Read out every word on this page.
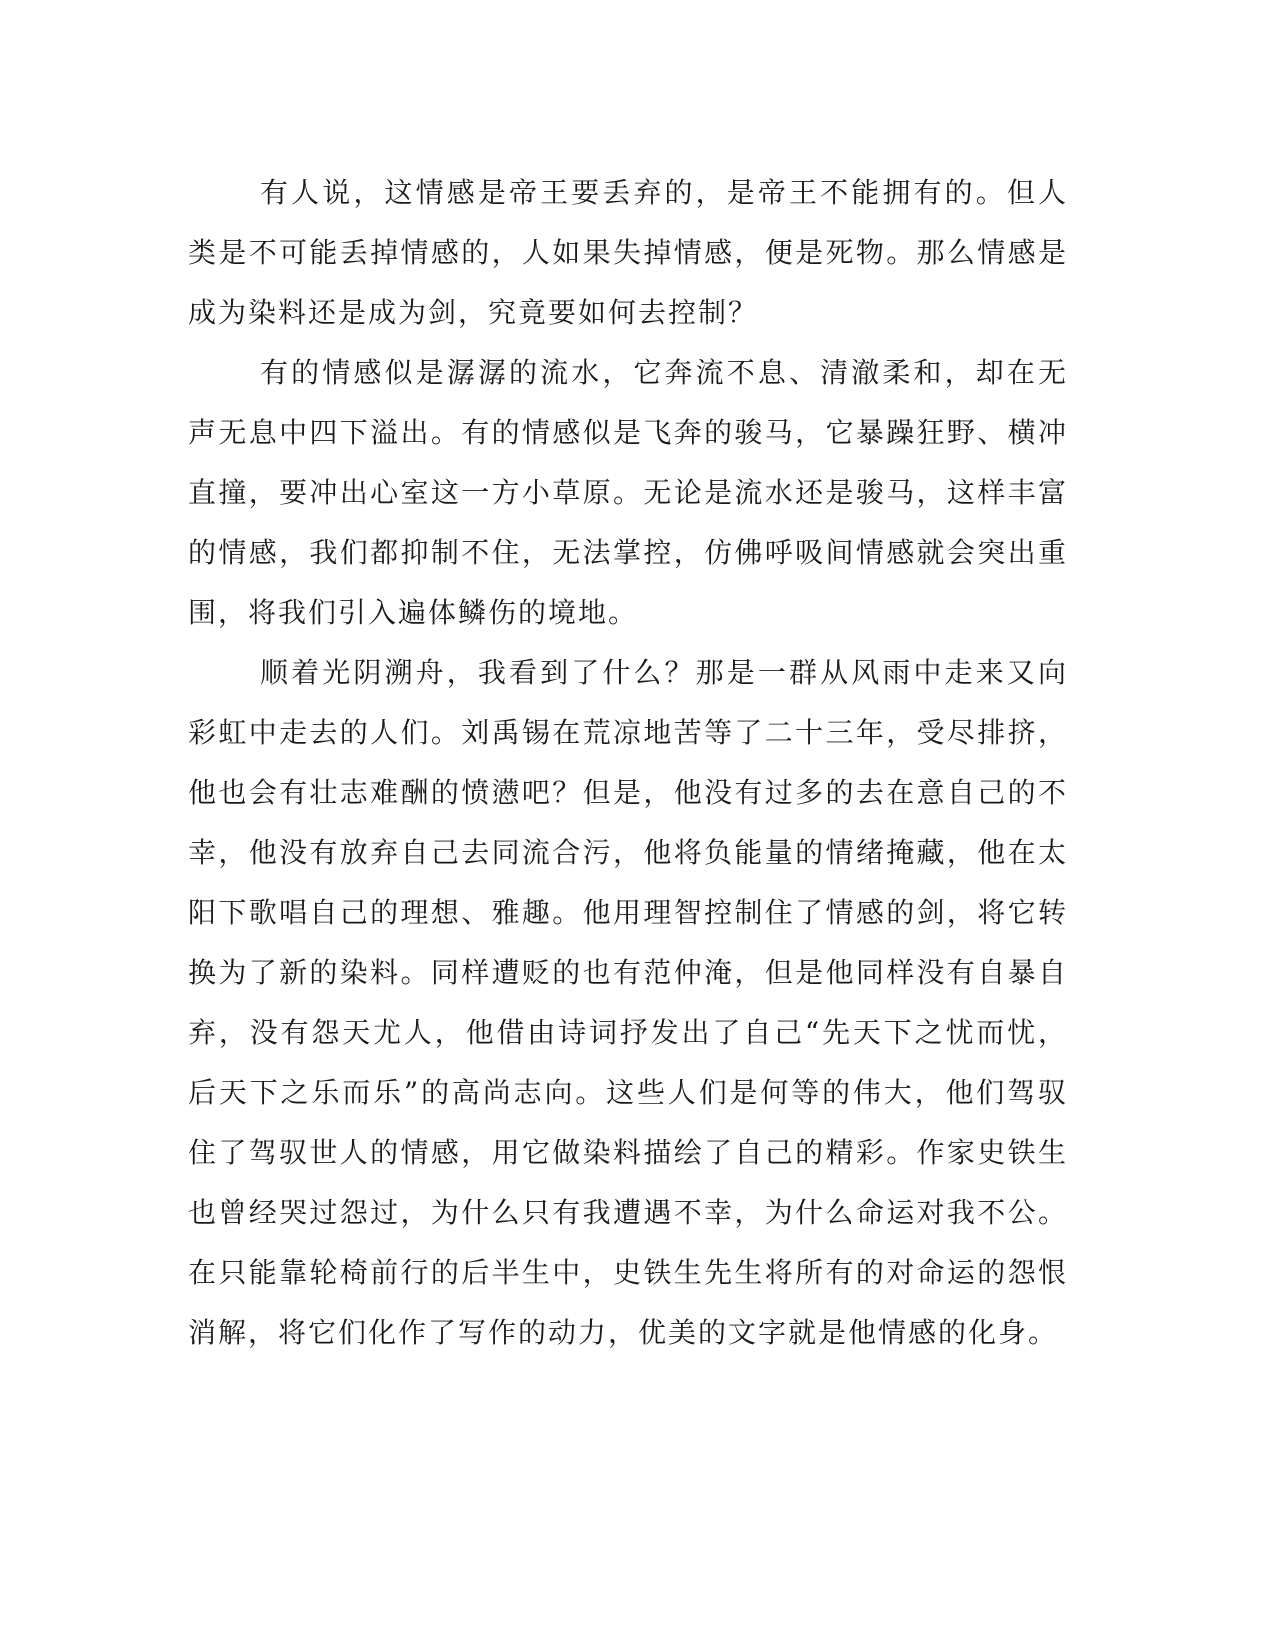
有人说，这情感是帝王要丢弃的，是帝王不能拥有的。但人类是不可能丢掉情感的，人如果失掉情感，便是死物。那么情感是成为染料还是成为剑，究竟要如何去控制？

有的情感似是潺潺的流水，它奔流不息、清澈柔和，却在无声无息中四下溢出。有的情感似是飞奔的骏马，它暴躁狂野、横冲直撞，要冲出心室这一方小草原。无论是流水还是骏马，这样丰富的情感，我们都抑制不住，无法掌控，仿佛呼吸间情感就会突出重围，将我们引入遍体鳞伤的境地。

顺着光阴溯舟，我看到了什么？那是一群从风雨中走来又向彩虹中走去的人们。刘禹锡在荒凉地苦等了二十三年，受尽排挤，他也会有壮志难酬的愤懑吧？但是，他没有过多的去在意自己的不幸，他没有放弃自己去同流合污，他将负能量的情绪掩藏，他在太阳下歌唱自己的理想、雅趣。他用理智控制住了情感的剑，将它转换为了新的染料。同样遭贬的也有范仲淹，但是他同样没有自暴自弃，没有怨天尤人，他借由诗词抒发出了自己“先天下之忧而忧，后天下之乐而乐”的高尚志向。这些人们是何等的伟大，他们驾驭住了驾驭世人的情感，用它做染料描绘了自己的精彩。作家史铁生也曾经哭过怨过，为什么只有我遭遇不幸，为什么命运对我不公。在只能靠轮椅前行的后半生中，史铁生先生将所有的对命运的怨恨消解，将它们化作了写作的动力，优美的文字就是他情感的化身。
